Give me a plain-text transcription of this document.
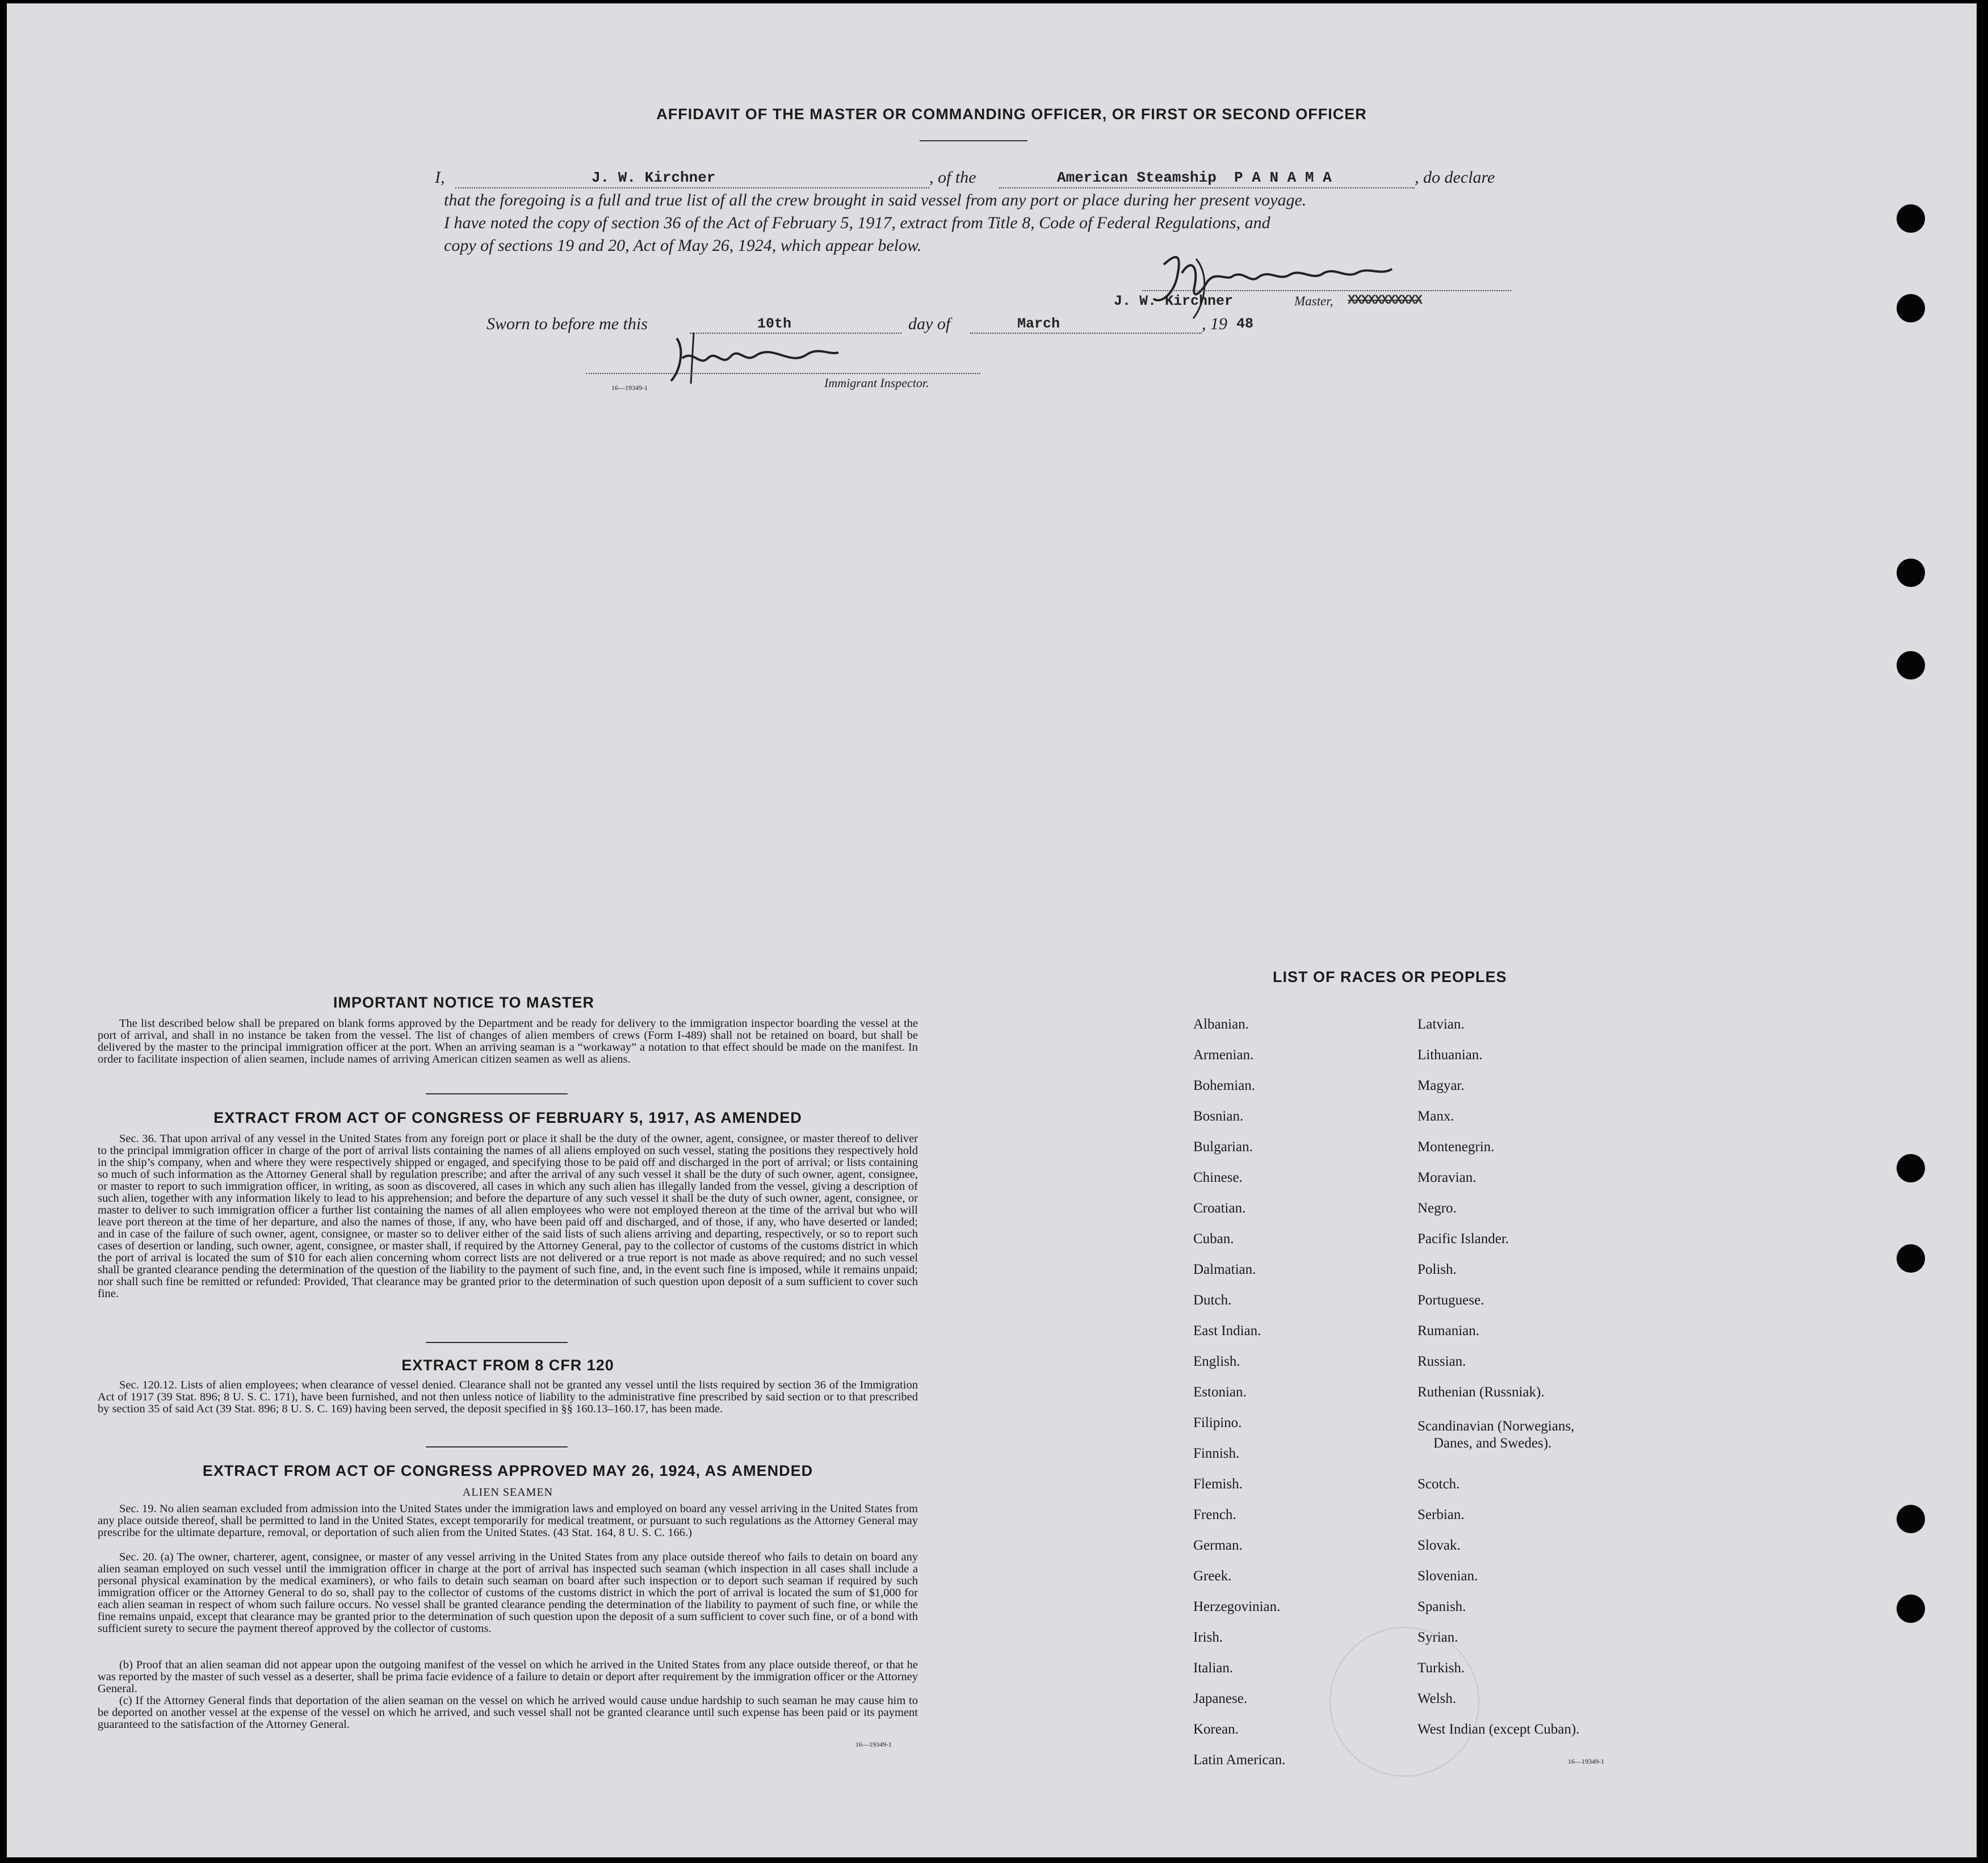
AFFIDAVIT OF THE MASTER OR COMMANDING OFFICER, OR FIRST OR SECOND OFFICER
I,	J. W. Kirchner	, of the	American Steamship  P A N A M A	, do declare
that the foregoing is a full and true list of all the crew brought in said vessel from any port or place during her present voyage.
I have noted the copy of section 36 of the Act of February 5, 1917, extract from Title 8, Code of Federal Regulations, and
copy of sections 19 and 20, Act of May 26, 1924, which appear below.
J. W. Kirchner	Master, XXXXXXXXXXX
Sworn to before me this	10th	day of	March	, 19 48
Immigrant Inspector.
16—19349-1
IMPORTANT NOTICE TO MASTER
The list described below shall be prepared on blank forms approved by the Department and be ready for delivery to the immigration inspector boarding the vessel at the port of arrival, and shall in no instance be taken from the vessel. The list of changes of alien members of crews (Form I-489) shall not be retained on board, but shall be delivered by the master to the principal immigration officer at the port. When an arriving seaman is a “workaway” a notation to that effect should be made on the manifest. In order to facilitate inspection of alien seamen, include names of arriving American citizen seamen as well as aliens.
EXTRACT FROM ACT OF CONGRESS OF FEBRUARY 5, 1917, AS AMENDED
Sec. 36. That upon arrival of any vessel in the United States from any foreign port or place it shall be the duty of the owner, agent, consignee, or master thereof to deliver to the principal immigration officer in charge of the port of arrival lists containing the names of all aliens employed on such vessel, stating the positions they respectively hold in the ship’s company, when and where they were respectively shipped or engaged, and specifying those to be paid off and discharged in the port of arrival; or lists containing so much of such information as the Attorney General shall by regulation prescribe; and after the arrival of any such vessel it shall be the duty of such owner, agent, consignee, or master to report to such immigration officer, in writing, as soon as discovered, all cases in which any such alien has illegally landed from the vessel, giving a description of such alien, together with any information likely to lead to his apprehension; and before the departure of any such vessel it shall be the duty of such owner, agent, consignee, or master to deliver to such immigration officer a further list containing the names of all alien employees who were not employed thereon at the time of the arrival but who will leave port thereon at the time of her departure, and also the names of those, if any, who have been paid off and discharged, and of those, if any, who have deserted or landed; and in case of the failure of such owner, agent, consignee, or master so to deliver either of the said lists of such aliens arriving and departing, respectively, or so to report such cases of desertion or landing, such owner, agent, consignee, or master shall, if required by the Attorney General, pay to the collector of customs of the customs district in which the port of arrival is located the sum of $10 for each alien concerning whom correct lists are not delivered or a true report is not made as above required; and no such vessel shall be granted clearance pending the determination of the question of the liability to the payment of such fine, and, in the event such fine is imposed, while it remains unpaid; nor shall such fine be remitted or refunded: Provided, That clearance may be granted prior to the determination of such question upon deposit of a sum sufficient to cover such fine.
EXTRACT FROM 8 CFR 120
Sec. 120.12. Lists of alien employees; when clearance of vessel denied. Clearance shall not be granted any vessel until the lists required by section 36 of the Immigration Act of 1917 (39 Stat. 896; 8 U. S. C. 171), have been furnished, and not then unless notice of liability to the administrative fine prescribed by said section or to that prescribed by section 35 of said Act (39 Stat. 896; 8 U. S. C. 169) having been served, the deposit specified in §§ 160.13–160.17, has been made.
EXTRACT FROM ACT OF CONGRESS APPROVED MAY 26, 1924, AS AMENDED
ALIEN SEAMEN
Sec. 19. No alien seaman excluded from admission into the United States under the immigration laws and employed on board any vessel arriving in the United States from any place outside thereof, shall be permitted to land in the United States, except temporarily for medical treatment, or pursuant to such regulations as the Attorney General may prescribe for the ultimate departure, removal, or deportation of such alien from the United States. (43 Stat. 164, 8 U. S. C. 166.)
Sec. 20. (a) The owner, charterer, agent, consignee, or master of any vessel arriving in the United States from any place outside thereof who fails to detain on board any alien seaman employed on such vessel until the immigration officer in charge at the port of arrival has inspected such seaman (which inspection in all cases shall include a personal physical examination by the medical examiners), or who fails to detain such seaman on board after such inspection or to deport such seaman if required by such immigration officer or the Attorney General to do so, shall pay to the collector of customs of the customs district in which the port of arrival is located the sum of $1,000 for each alien seaman in respect of whom such failure occurs. No vessel shall be granted clearance pending the determination of the liability to payment of such fine, or while the fine remains unpaid, except that clearance may be granted prior to the determination of such question upon the deposit of a sum sufficient to cover such fine, or of a bond with sufficient surety to secure the payment thereof approved by the collector of customs.
(b) Proof that an alien seaman did not appear upon the outgoing manifest of the vessel on which he arrived in the United States from any place outside thereof, or that he was reported by the master of such vessel as a deserter, shall be prima facie evidence of a failure to detain or deport after requirement by the immigration officer or the Attorney General.
(c) If the Attorney General finds that deportation of the alien seaman on the vessel on which he arrived would cause undue hardship to such seaman he may cause him to be deported on another vessel at the expense of the vessel on which he arrived, and such vessel shall not be granted clearance until such expense has been paid or its payment guaranteed to the satisfaction of the Attorney General.
16—19349-1
LIST OF RACES OR PEOPLES
Albanian.
Armenian.
Bohemian.
Bosnian.
Bulgarian.
Chinese.
Croatian.
Cuban.
Dalmatian.
Dutch.
East Indian.
English.
Estonian.
Filipino.
Finnish.
Flemish.
French.
German.
Greek.
Herzegovinian.
Irish.
Italian.
Japanese.
Korean.
Latin American.
Latvian.
Lithuanian.
Magyar.
Manx.
Montenegrin.
Moravian.
Negro.
Pacific Islander.
Polish.
Portuguese.
Rumanian.
Russian.
Ruthenian (Russniak).
Scandinavian (Norwegians,
Danes, and Swedes).
Scotch.
Serbian.
Slovak.
Slovenian.
Spanish.
Syrian.
Turkish.
Welsh.
West Indian (except Cuban).
16—19349-1
